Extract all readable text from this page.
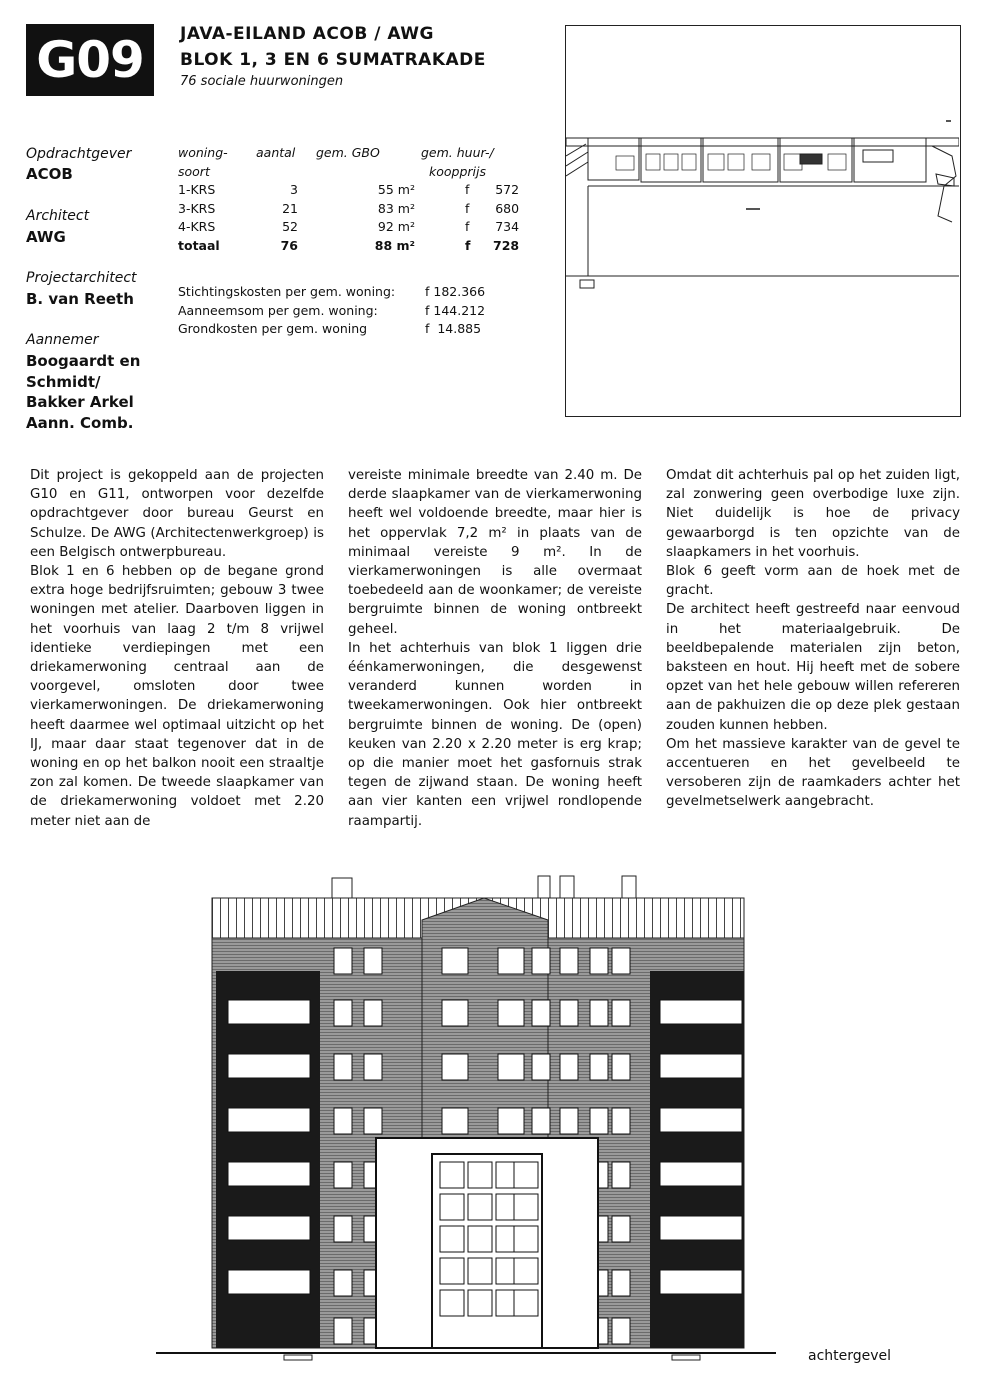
G09	JAVA-EILAND ACOB / AWG
BLOK 1, 3 EN 6 SUMATRAKADE
76 sociale huurwoningen
Opdrachtgever
ACOB
Architect
AWG
Projectarchitect
B. van Reeth
Aannemer
Boogaardt en
Schmidt/
Bakker Arkel
Aann. Comb.
woning-	aantal	gem. GBO	gem. huur-/	
soort			koopprijs	
1-KRS	3	55 m²	f	572
3-KRS	21	83 m²	f	680
4-KRS	52	92 m²	f	734
totaal	76	88 m²	f	728
Stichtingskosten per gem. woning:	f 182.366
Aanneemsom per gem. woning:	f 144.212
Grondkosten per gem. woning	f  14.885

Dit project is gekoppeld aan de projecten G10 en G11, ontworpen voor dezelfde opdrachtgever door bureau Geurst en Schulze. De AWG (Architectenwerkgroep) is een Belgisch ontwerpbureau.

Blok 1 en 6 hebben op de begane grond extra hoge bedrijfsruimten; gebouw 3 twee woningen met atelier. Daarboven liggen in het voorhuis van laag 2 t/m 8 vrijwel identieke verdiepingen met een driekamerwoning centraal aan de voorgevel, omsloten door twee vierkamerwoningen. De driekamerwoning heeft daarmee wel optimaal uitzicht op het IJ, maar daar staat tegenover dat in de woning en op het balkon nooit een straaltje zon zal komen. De tweede slaapkamer van de driekamerwoning voldoet met 2.20 meter niet aan de

vereiste minimale breedte van 2.40 m. De derde slaapkamer van de vierkamerwoning heeft wel voldoende breedte, maar hier is het oppervlak 7,2 m² in plaats van de minimaal vereiste 9 m². In de vierkamerwoningen is alle overmaat toebedeeld aan de woonkamer; de vereiste bergruimte binnen de woning ontbreekt geheel.

In het achterhuis van blok 1 liggen drie éénkamerwoningen, die desgewenst veranderd kunnen worden in tweekamerwoningen. Ook hier ontbreekt bergruimte binnen de woning. De (open) keuken van 2.20 x 2.20 meter is erg krap; op die manier moet het gasfornuis strak tegen de zijwand staan. De woning heeft aan vier kanten een vrijwel rondlopende raampartij.

Omdat dit achterhuis pal op het zuiden ligt, zal zonwering geen overbodige luxe zijn. Niet duidelijk is hoe de privacy gewaarborgd is ten opzichte van de slaapkamers in het voorhuis.

Blok 6 geeft vorm aan de hoek met de gracht.

De architect heeft gestreefd naar eenvoud in het materiaalgebruik. De beeldbepalende materialen zijn beton, baksteen en hout. Hij heeft met de sobere opzet van het hele gebouw willen refereren aan de pakhuizen die op deze plek gestaan zouden kunnen hebben.

Om het massieve karakter van de gevel te accentueren en het gevelbeeld te versoberen zijn de raamkaders achter het gevelmetselwerk aangebracht.

achtergevel
